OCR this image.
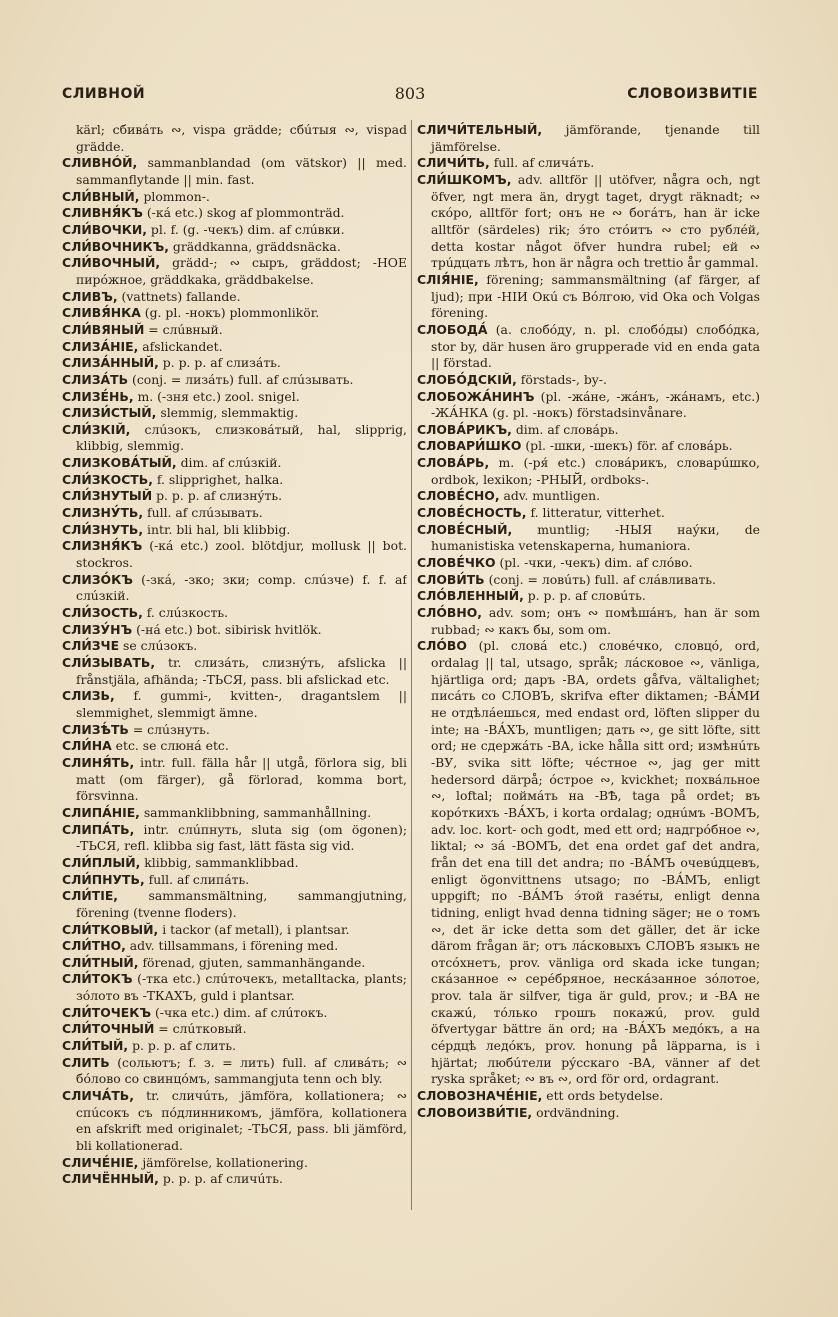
СЛИВНОЙ	803	СЛОВОИЗВИТІЕ

kärl; сбивáть ∾, vispa grädde; сбúтыя ∾, vispad grädde.

СЛИВНÓЙ, sammanblandad (om vätskor) || med. sammanflytande || min. fast.

СЛИ́ВНЫЙ, plommon-.

СЛИВНЯ́КЪ (-кá etc.) skog af plommonträd.

СЛИ́ВОЧКИ, pl. f. (g. -чекъ) dim. af слúвки.

СЛИ́ВОЧНИКЪ, gräddkanna, gräddsnäcka.

СЛИ́ВОЧНЫЙ, grädd-; ∾ сыръ, gräddost; -НОЕ пирóжное, gräddkaka, gräddbakelse.

СЛИВЪ, (vattnets) fallande.

СЛИВЯ́НКА (g. pl. -нокъ) plommonlikör.

СЛИ́ВЯНЫЙ = слúвный.

СЛИЗА́НІЕ, afslickandet.

СЛИЗА́ННЫЙ, p. p. p. af слизáть.

СЛИЗА́ТЬ (conj. = лизáть) full. af слúзывать.

СЛИЗЕ́НЬ, m. (-зня etc.) zool. snigel.

СЛИЗИ́СТЫЙ, slemmig, slemmaktig.

СЛИ́ЗКІЙ, слúзокъ, слизковáтый, hal, slipprig, klibbig, slemmig.

СЛИЗКОВА́ТЫЙ, dim. af слúзкій.

СЛИ́ЗКОСТЬ, f. slipprighet, halka.

СЛИ́ЗНУТЫЙ p. p. p. af слизнýть.

СЛИЗНУ́ТЬ, full. af слúзывать.

СЛИ́ЗНУТЬ, intr. bli hal, bli klibbig.

СЛИЗНЯ́КЪ (-кá etc.) zool. blötdjur, mollusk || bot. stockros.

СЛИЗО́КЪ (-зкá, -зко; зки; comp. слúзче) f. f. af слúзкій.

СЛИ́ЗОСТЬ, f. слúзкость.

СЛИЗУ́НЪ (-нá etc.) bot. sibirisk hvitlök.

СЛИ́ЗЧЕ se слúзокъ.

СЛИ́ЗЫВАТЬ, tr. слизáть, слизнýть, afslicka || frånstjäla, afhända; -ТЬСЯ, pass. bli afslickad etc.

СЛИЗЬ, f. gummi-, kvitten-, dragantslem || slemmighet, slemmigt ämne.

СЛИЗѢ́ТЬ = слúзнуть.

СЛИ́НА etc. se слюнá etc.

СЛИНЯ́ТЬ, intr. full. fälla hår || utgå, förlora sig, bli matt (om färger), gå förlorad, komma bort, försvinna.

СЛИПА́НІЕ, sammanklibbning, sammanhållning.

СЛИПА́ТЬ, intr. слúпнуть, sluta sig (om ögonen); -ТЬСЯ, refl. klibba sig fast, lätt fästa sig vid.

СЛИ́ПЛЫЙ, klibbig, sammanklibbad.

СЛИ́ПНУТЬ, full. af слипáть.

СЛИ́ТІЕ, sammansmältning, sammangjutning, förening (tvenne floders).

СЛИ́ТКОВЫЙ, i tackor (af metall), i plantsar.

СЛИ́ТНО, adv. tillsammans, i förening med.

СЛИ́ТНЫЙ, förenad, gjuten, sammanhängande.

СЛИ́ТОКЪ (-тка etc.) слúточекъ, metalltacka, plants; зóлото въ -ТКАХЪ, guld i plantsar.

СЛИ́ТОЧЕКЪ (-чка etc.) dim. af слúтокъ.

СЛИ́ТОЧНЫЙ = слúтковый.

СЛИ́ТЫЙ, p. p. p. af слить.

СЛИТЬ (сольютъ; f. з. = лить) full. af сливáть; ∾ бóлово со свинцóмъ, sammangjuta tenn och bly.

СЛИЧА́ТЬ, tr. сличúть, jämföra, kollationera; ∾ спúсокъ съ пóдлинникомъ, jämföra, kollationera en afskrift med originalet; -ТЬСЯ, pass. bli jämförd, bli kollationerad.

СЛИЧЕ́НІЕ, jämförelse, kollationering.

СЛИЧЁННЫЙ, p. p. p. af сличúть.

СЛИЧИ́ТЕЛЬНЫЙ, jämförande, tjenande till jämförelse.

СЛИЧИ́ТЬ, full. af сличáть.

СЛИ́ШКОМЪ, adv. alltför || utöfver, några och, ngt öfver, ngt mera än, drygt taget, drygt räknadt; ∾ скóро, alltför fort; онъ не ∾ богáтъ, han är icke alltför (särdeles) rik; э́то стóитъ ∾ сто рублéй, detta kostar något öfver hundra rubel; ей ∾ трúдцать лѣтъ, hon är några och trettio år gammal.

СЛІЯ́НІЕ, förening; sammansmältning (af färger, af ljud); при -НІИ Окú съ Вóлгою, vid Oka och Volgas förening.

СЛОБОДА́ (a. слобóду, n. pl. слобóды) слобóдка, stor by, där husen äro grupperade vid en enda gata || förstad.

СЛОБО́ДСКІЙ, förstads-, by-.

СЛОБОЖА́НИНЪ (pl. -жáне, -жáнъ, -жáнамъ, etc.) -ЖА́НКА (g. pl. -нокъ) förstadsinvånare.

СЛОВА́РИКЪ, dim. af словáрь.

СЛОВАРИ́ШКО (pl. -шки, -шекъ) för. af словáрь.

СЛОВА́РЬ, m. (-ря́ etc.) словáрикъ, словарúшко, ordbok, lexikon; -РНЫЙ, ordboks-.

СЛОВЕ́СНО, adv. muntligen.

СЛОВЕ́СНОСТЬ, f. litteratur, vitterhet.

СЛОВЕ́СНЫЙ, muntlig; -НЫЯ наýки, de humanistiska vetenskaperna, humaniora.

СЛОВЕ́ЧКО (pl. -чки, -чекъ) dim. af слóво.

СЛОВИ́ТЬ (conj. = ловúть) full. af слáвливать.

СЛО́ВЛЕННЫЙ, p. p. p. af словúть.

СЛО́ВНО, adv. som; онъ ∾ помѣшáнъ, han är som rubbad; ∾ какъ бы, som om.

СЛО́ВО (pl. словá etc.) словéчко, словцó, ord, ordalag || tal, utsago, språk; лáсковое ∾, vänliga, hjärtliga ord; даръ -ВА, ordets gåfva, vältalighet; писáть со СЛОВЪ, skrifva efter diktamen; -ВА́МИ не отдѣлáешься, med endast ord, löften slipper du inte; на -ВА́ХЪ, muntligen; дать ∾, ge sitt löfte, sitt ord; не сдержáть -ВА, icke hålla sitt ord; измѣнúть -ВУ, svika sitt löfte; чéстное ∾, jag ger mitt hedersord därpå; óстрое ∾, kvickhet; похвáльное ∾, loftal; поймáть на -ВѢ, taga på ordet; въ корóткихъ -ВА́ХЪ, i korta ordalag; однúмъ -ВОМЪ, adv. loc. kort- och godt, med ett ord; надгрóбное ∾, liktal; ∾ зá -ВОМЪ, det ena ordet gaf det andra, från det ena till det andra; по -ВА́МЪ очевúдцевъ, enligt ögonvittnens utsago; по -ВА́МЪ, enligt uppgift; по -ВА́МЪ э́той газéты, enligt denna tidning, enligt hvad denna tidning säger; не о томъ ∾, det är icke detta som det gäller, det är icke därom frågan är; отъ лáсковыхъ СЛОВЪ языкъ не отсóхнетъ, prov. vänliga ord skada icke tungan; скáзанное ∾ серéбряное, нескáзанное зóлотое, prov. tala är silfver, tiga är guld, prov.; и -ВА не скажú, тóлько грошъ покажú, prov. guld öfvertygar bättre än ord; на -ВА́ХЪ медóкъ, а на сéрдцѣ ледóкъ, prov. honung på läpparna, is i hjärtat; любúтели рýсскаго -ВА, vänner af det ryska språket; ∾ въ ∾, ord för ord, ordagrant.

СЛОВОЗНАЧЕ́НІЕ, ett ords betydelse.

СЛОВОИЗВИ́ТІЕ, ordvändning.
